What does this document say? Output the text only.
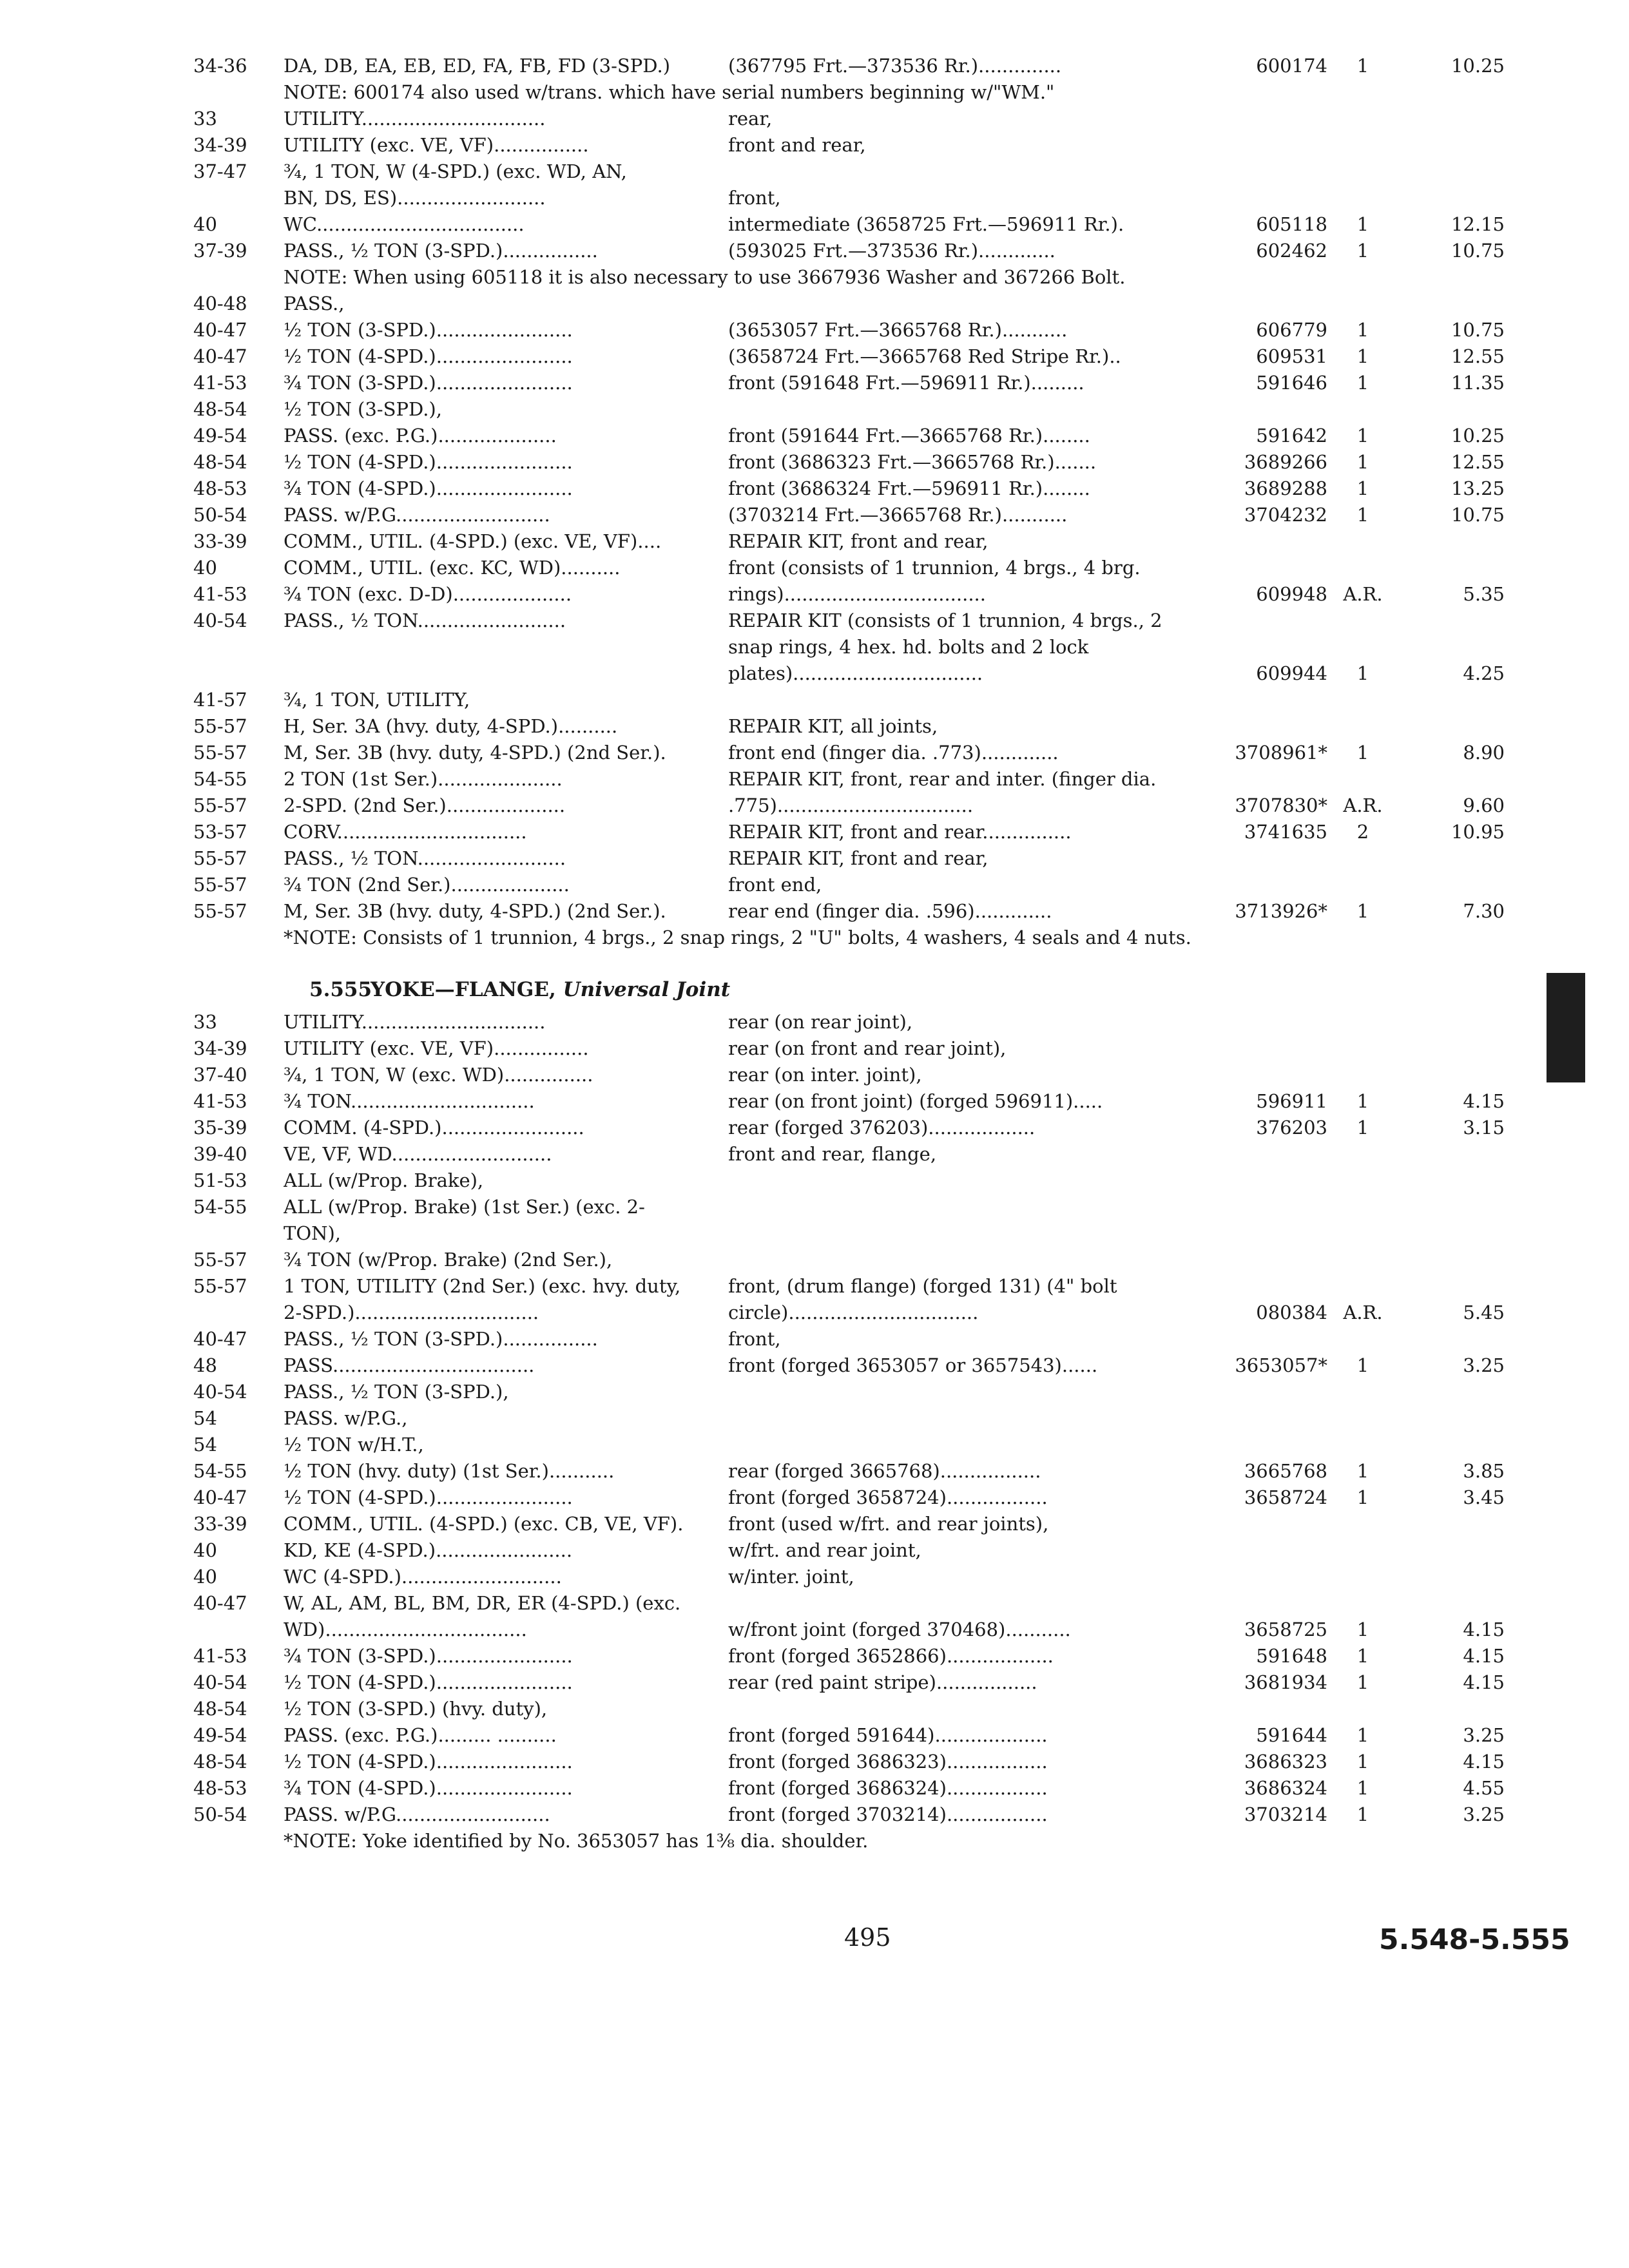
34-36	DA, DB, EA, EB, ED, FA, FB, FD (3-SPD.)	(367795 Frt.—373536 Rr.)..............	600174	1	10.25
NOTE: 600174 also used w/trans. which have serial numbers beginning w/"WM."
33	UTILITY...............................	rear,
34-39	UTILITY (exc. VE, VF)................	front and rear,
37-47	¾, 1 TON, W (4-SPD.) (exc. WD, AN,
BN, DS, ES).........................	front,
40	WC...................................	intermediate (3658725 Frt.—596911 Rr.).	605118	1	12.15
37-39	PASS., ½ TON (3-SPD.)................	(593025 Frt.—373536 Rr.).............	602462	1	10.75
NOTE: When using 605118 it is also necessary to use 3667936 Washer and 367266 Bolt.
40-48	PASS.,
40-47	½ TON (3-SPD.).......................	(3653057 Frt.—3665768 Rr.)...........	606779	1	10.75
40-47	½ TON (4-SPD.).......................	(3658724 Frt.—3665768 Red Stripe Rr.)..	609531	1	12.55
41-53	¾ TON (3-SPD.).......................	front (591648 Frt.—596911 Rr.).........	591646	1	11.35
48-54	½ TON (3-SPD.),
49-54	PASS. (exc. P.G.)....................	front (591644 Frt.—3665768 Rr.)........	591642	1	10.25
48-54	½ TON (4-SPD.).......................	front (3686323 Frt.—3665768 Rr.).......	3689266	1	12.55
48-53	¾ TON (4-SPD.).......................	front (3686324 Frt.—596911 Rr.)........	3689288	1	13.25
50-54	PASS. w/P.G..........................	(3703214 Frt.—3665768 Rr.)...........	3704232	1	10.75
33-39	COMM., UTIL. (4-SPD.) (exc. VE, VF)....	REPAIR KIT, front and rear,
40	COMM., UTIL. (exc. KC, WD)..........	front (consists of 1 trunnion, 4 brgs., 4 brg.
41-53	¾ TON (exc. D-D)....................	rings)..................................	609948 A.R.	5.35
40-54	PASS., ½ TON.........................	REPAIR KIT (consists of 1 trunnion, 4 brgs., 2
snap rings, 4 hex. hd. bolts and 2 lock
plates)................................	609944	1	4.25
41-57	¾, 1 TON, UTILITY,
55-57	H, Ser. 3A (hvy. duty, 4-SPD.)..........	REPAIR KIT, all joints,
55-57	M, Ser. 3B (hvy. duty, 4-SPD.) (2nd Ser.).	front end (finger dia. .773).............	3708961*	1	8.90
54-55	2 TON (1st Ser.).....................	REPAIR KIT, front, rear and inter. (finger dia.
55-57	2-SPD. (2nd Ser.)....................	.775).................................	3707830* A.R.	9.60
53-57	CORV................................	REPAIR KIT, front and rear...............	3741635	2	10.95
55-57	PASS., ½ TON.........................	REPAIR KIT, front and rear,
55-57	¾ TON (2nd Ser.)....................	front end,
55-57	M, Ser. 3B (hvy. duty, 4-SPD.) (2nd Ser.).	rear end (finger dia. .596).............	3713926*	1	7.30
*NOTE: Consists of 1 trunnion, 4 brgs., 2 snap rings, 2 "U" bolts, 4 washers, 4 seals and 4 nuts.
5.555
YOKE—FLANGE, Universal Joint
33	UTILITY...............................	rear (on rear joint),
34-39	UTILITY (exc. VE, VF)................	rear (on front and rear joint),
37-40	¾, 1 TON, W (exc. WD)...............	rear (on inter. joint),
41-53	¾ TON...............................	rear (on front joint) (forged 596911).....	596911	1	4.15
35-39	COMM. (4-SPD.)........................	rear (forged 376203)..................	376203	1	3.15
39-40	VE, VF, WD...........................	front and rear, flange,
51-53	ALL (w/Prop. Brake),
54-55	ALL (w/Prop. Brake) (1st Ser.) (exc. 2-
TON),
55-57	¾ TON (w/Prop. Brake) (2nd Ser.),
55-57	1 TON, UTILITY (2nd Ser.) (exc. hvy. duty,	front, (drum flange) (forged 131) (4" bolt
2-SPD.)...............................	circle)................................	080384 A.R.	5.45
40-47	PASS., ½ TON (3-SPD.)................	front,
48	PASS..................................	front (forged 3653057 or 3657543)......	3653057*	1	3.25
40-54	PASS., ½ TON (3-SPD.),
54	PASS. w/P.G.,
54	½ TON w/H.T.,
54-55	½ TON (hvy. duty) (1st Ser.)...........	rear (forged 3665768).................	3665768	1	3.85
40-47	½ TON (4-SPD.).......................	front (forged 3658724).................	3658724	1	3.45
33-39	COMM., UTIL. (4-SPD.) (exc. CB, VE, VF).	front (used w/frt. and rear joints),
40	KD, KE (4-SPD.).......................	w/frt. and rear joint,
40	WC (4-SPD.)...........................	w/inter. joint,
40-47	W, AL, AM, BL, BM, DR, ER (4-SPD.) (exc.
WD)..................................	w/front joint (forged 370468)...........	3658725	1	4.15
41-53	¾ TON (3-SPD.).......................	front (forged 3652866)..................	591648	1	4.15
40-54	½ TON (4-SPD.).......................	rear (red paint stripe).................	3681934	1	4.15
48-54	½ TON (3-SPD.) (hvy. duty),
49-54	PASS. (exc. P.G.)......... ..........	front (forged 591644)...................	591644	1	3.25
48-54	½ TON (4-SPD.).......................	front (forged 3686323).................	3686323	1	4.15
48-53	¾ TON (4-SPD.).......................	front (forged 3686324).................	3686324	1	4.55
50-54	PASS. w/P.G..........................	front (forged 3703214).................	3703214	1	3.25
*NOTE: Yoke identified by No. 3653057 has 1⅜ dia. shoulder.
495	5.548-5.555
